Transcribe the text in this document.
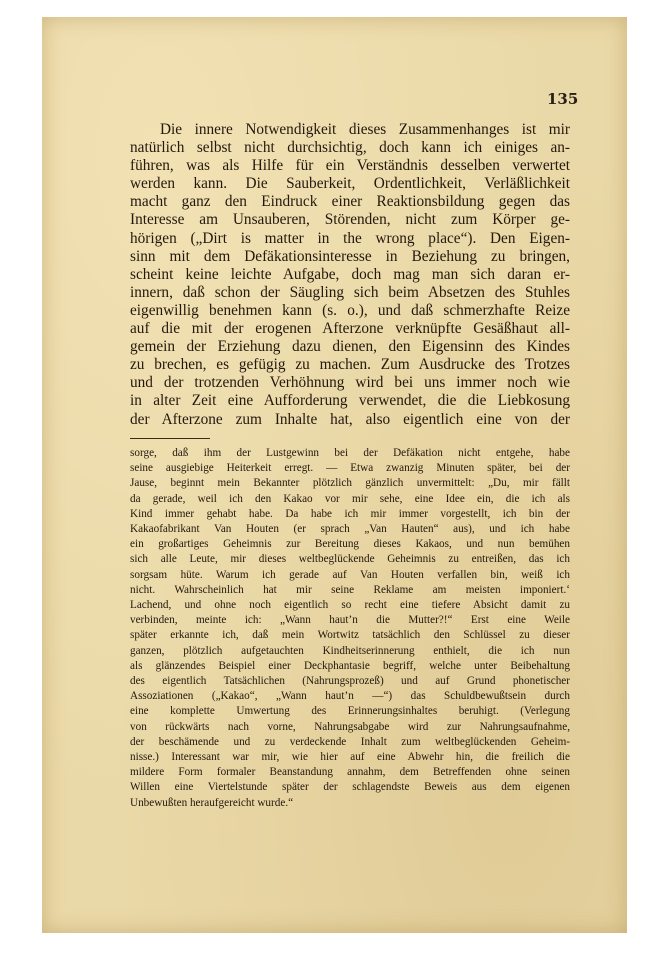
135
Die innere Notwendigkeit dieses Zusammenhanges ist mir
natürlich selbst nicht durchsichtig, doch kann ich einiges an-
führen, was als Hilfe für ein Verständnis desselben verwertet
werden kann. Die Sauberkeit, Ordentlichkeit, Verläßlichkeit
macht ganz den Eindruck einer Reaktionsbildung gegen das
Interesse am Unsauberen, Störenden, nicht zum Körper ge-
hörigen („Dirt is matter in the wrong place“). Den Eigen-
sinn mit dem Defäkationsinteresse in Beziehung zu bringen,
scheint keine leichte Aufgabe, doch mag man sich daran er-
innern, daß schon der Säugling sich beim Absetzen des Stuhles
eigenwillig benehmen kann (s. o.), und daß schmerzhafte Reize
auf die mit der erogenen Afterzone verknüpfte Gesäßhaut all-
gemein der Erziehung dazu dienen, den Eigensinn des Kindes
zu brechen, es gefügig zu machen. Zum Ausdrucke des Trotzes
und der trotzenden Verhöhnung wird bei uns immer noch wie
in alter Zeit eine Aufforderung verwendet, die die Liebkosung
der Afterzone zum Inhalte hat, also eigentlich eine von der
sorge, daß ihm der Lustgewinn bei der Defäkation nicht entgehe, habe
seine ausgiebige Heiterkeit erregt. — Etwa zwanzig Minuten später, bei der
Jause, beginnt mein Bekannter plötzlich gänzlich unvermittelt: „Du, mir fällt
da gerade, weil ich den Kakao vor mir sehe, eine Idee ein, die ich als
Kind immer gehabt habe. Da habe ich mir immer vorgestellt, ich bin der
Kakaofabrikant Van Houten (er sprach „Van Hauten“ aus), und ich habe
ein großartiges Geheimnis zur Bereitung dieses Kakaos, und nun bemühen
sich alle Leute, mir dieses weltbeglückende Geheimnis zu entreißen, das ich
sorgsam hüte. Warum ich gerade auf Van Houten verfallen bin, weiß ich
nicht. Wahrscheinlich hat mir seine Reklame am meisten imponiert.‘
Lachend, und ohne noch eigentlich so recht eine tiefere Absicht damit zu
verbinden, meinte ich: „Wann haut’n die Mutter?!“ Erst eine Weile
später erkannte ich, daß mein Wortwitz tatsächlich den Schlüssel zu dieser
ganzen, plötzlich aufgetauchten Kindheitserinnerung enthielt, die ich nun
als glänzendes Beispiel einer Deckphantasie begriff, welche unter Beibehaltung
des eigentlich Tatsächlichen (Nahrungsprozeß) und auf Grund phonetischer
Assoziationen („Kakao“, „Wann haut’n —“) das Schuldbewußtsein durch
eine komplette Umwertung des Erinnerungsinhaltes beruhigt. (Verlegung
von rückwärts nach vorne, Nahrungsabgabe wird zur Nahrungsaufnahme,
der beschämende und zu verdeckende Inhalt zum weltbeglückenden Geheim-
nisse.) Interessant war mir, wie hier auf eine Abwehr hin, die freilich die
mildere Form formaler Beanstandung annahm, dem Betreffenden ohne seinen
Willen eine Viertelstunde später der schlagendste Beweis aus dem eigenen
Unbewußten heraufgereicht wurde.“
